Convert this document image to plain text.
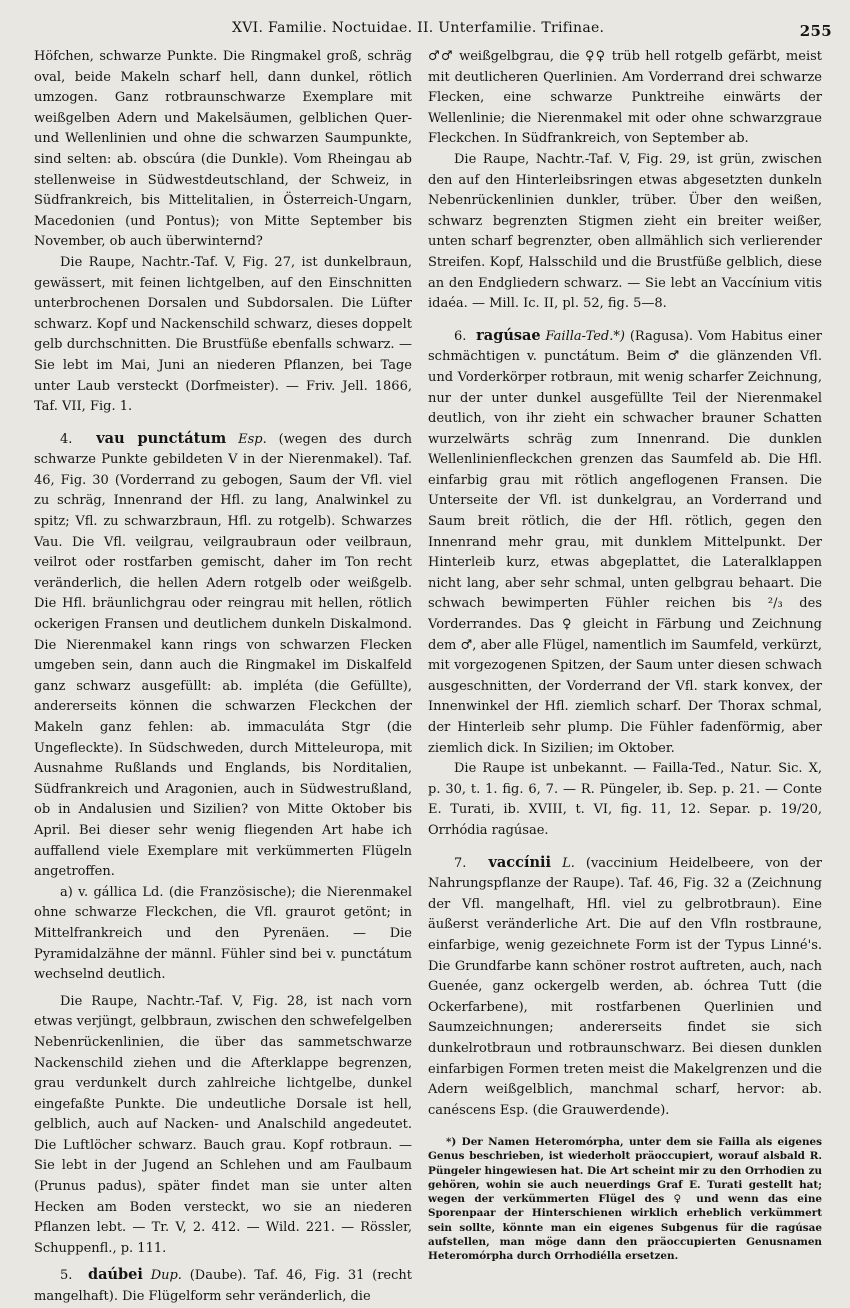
XVI. Familie. Noctuidae. II. Unterfamilie. Trifinae.	255

Höfchen, schwarze Punkte. Die Ringmakel groß, schräg oval, beide Makeln scharf hell, dann dunkel, rötlich umzogen. Ganz rotbraunschwarze Exemplare mit weißgelben Adern und Makelsäumen, gelblichen Quer- und Wellenlinien und ohne die schwarzen Saumpunkte, sind selten: ab. obscúra (die Dunkle). Vom Rheingau ab stellenweise in Südwestdeutschland, der Schweiz, in Südfrankreich, bis Mittelitalien, in Österreich-Ungarn, Macedonien (und Pontus); von Mitte September bis November, ob auch überwinternd?

Die Raupe, Nachtr.-Taf. V, Fig. 27, ist dunkelbraun, gewässert, mit feinen lichtgelben, auf den Einschnitten unterbrochenen Dorsalen und Subdorsalen. Die Lüfter schwarz. Kopf und Nackenschild schwarz, dieses doppelt gelb durchschnitten. Die Brustfüße ebenfalls schwarz. — Sie lebt im Mai, Juni an niederen Pflanzen, bei Tage unter Laub versteckt (Dorfmeister). — Friv. Jell. 1866, Taf. VII, Fig. 1.

4. vau punctátum Esp. (wegen des durch schwarze Punkte gebildeten V in der Nierenmakel). Taf. 46, Fig. 30 (Vorderrand zu gebogen, Saum der Vfl. viel zu schräg, Innenrand der Hfl. zu lang, Analwinkel zu spitz; Vfl. zu schwarzbraun, Hfl. zu rotgelb). Schwarzes Vau. Die Vfl. veilgrau, veilgraubraun oder veilbraun, veilrot oder rostfarben gemischt, daher im Ton recht veränderlich, die hellen Adern rotgelb oder weißgelb. Die Hfl. bräunlichgrau oder reingrau mit hellen, rötlich ockerigen Fransen und deutlichem dunkeln Diskalmond. Die Nierenmakel kann rings von schwarzen Flecken umgeben sein, dann auch die Ringmakel im Diskalfeld ganz schwarz ausgefüllt: ab. impléta (die Gefüllte), andererseits können die schwarzen Fleckchen der Makeln ganz fehlen: ab. immaculáta Stgr (die Ungefleckte). In Südschweden, durch Mitteleuropa, mit Ausnahme Rußlands und Englands, bis Norditalien, Südfrankreich und Aragonien, auch in Südwestrußland, ob in Andalusien und Sizilien? von Mitte Oktober bis April. Bei dieser sehr wenig fliegenden Art habe ich auffallend viele Exemplare mit verkümmerten Flügeln angetroffen.

a) v. gállica Ld. (die Französische); die Nierenmakel ohne schwarze Fleckchen, die Vfl. graurot getönt; in Mittelfrankreich und den Pyrenäen. — Die Pyramidalzähne der männl. Fühler sind bei v. punctátum wechselnd deutlich.

Die Raupe, Nachtr.-Taf. V, Fig. 28, ist nach vorn etwas verjüngt, gelbbraun, zwischen den schwefelgelben Nebenrückenlinien, die über das sammetschwarze Nackenschild ziehen und die Afterklappe begrenzen, grau verdunkelt durch zahlreiche lichtgelbe, dunkel eingefaßte Punkte. Die undeutliche Dorsale ist hell, gelblich, auch auf Nacken- und Analschild angedeutet. Die Luftlöcher schwarz. Bauch grau. Kopf rotbraun. — Sie lebt in der Jugend an Schlehen und am Faulbaum (Prunus padus), später findet man sie unter alten Hecken am Boden versteckt, wo sie an niederen Pflanzen lebt. — Tr. V, 2. 412. — Wild. 221. — Rössler, Schuppenfl., p. 111.

5. daúbei Dup. (Daube). Taf. 46, Fig. 31 (recht mangelhaft). Die Flügelform sehr veränderlich, die

♂♂ weißgelbgrau, die ♀♀ trüb hell rotgelb gefärbt, meist mit deutlicheren Querlinien. Am Vorderrand drei schwarze Flecken, eine schwarze Punktreihe einwärts der Wellenlinie; die Nierenmakel mit oder ohne schwarzgraue Fleckchen. In Südfrankreich, von September ab.

Die Raupe, Nachtr.-Taf. V, Fig. 29, ist grün, zwischen den auf den Hinterleibsringen etwas abgesetzten dunkeln Nebenrückenlinien dunkler, trüber. Über den weißen, schwarz begrenzten Stigmen zieht ein breiter weißer, unten scharf begrenzter, oben allmählich sich verlierender Streifen. Kopf, Halsschild und die Brustfüße gelblich, diese an den Endgliedern schwarz. — Sie lebt an Vaccínium vitis idaéa. — Mill. Ic. II, pl. 52, fig. 5—8.

6. ragúsae Failla-Ted.*) (Ragusa). Vom Habitus einer schmächtigen v. punctátum. Beim ♂ die glänzenden Vfl. und Vorderkörper rotbraun, mit wenig scharfer Zeichnung, nur der unter dunkel ausgefüllte Teil der Nierenmakel deutlich, von ihr zieht ein schwacher brauner Schatten wurzelwärts schräg zum Innenrand. Die dunklen Wellenlinienfleckchen grenzen das Saumfeld ab. Die Hfl. einfarbig grau mit rötlich angeflogenen Fransen. Die Unterseite der Vfl. ist dunkelgrau, an Vorderrand und Saum breit rötlich, die der Hfl. rötlich, gegen den Innenrand mehr grau, mit dunklem Mittelpunkt. Der Hinterleib kurz, etwas abgeplattet, die Lateralklappen nicht lang, aber sehr schmal, unten gelbgrau behaart. Die schwach bewimperten Fühler reichen bis ²/₃ des Vorderrandes. Das ♀ gleicht in Färbung und Zeichnung dem ♂, aber alle Flügel, namentlich im Saumfeld, verkürzt, mit vorgezogenen Spitzen, der Saum unter diesen schwach ausgeschnitten, der Vorderrand der Vfl. stark konvex, der Innenwinkel der Hfl. ziemlich scharf. Der Thorax schmal, der Hinterleib sehr plump. Die Fühler fadenförmig, aber ziemlich dick. In Sizilien; im Oktober.

Die Raupe ist unbekannt. — Failla-Ted., Natur. Sic. X, p. 30, t. 1. fig. 6, 7. — R. Püngeler, ib. Sep. p. 21. — Conte E. Turati, ib. XVIII, t. VI, fig. 11, 12. Separ. p. 19/20, Orrhódia ragúsae.

7. vaccínii L. (vaccinium Heidelbeere, von der Nahrungspflanze der Raupe). Taf. 46, Fig. 32 a (Zeichnung der Vfl. mangelhaft, Hfl. viel zu gelbrotbraun). Eine äußerst veränderliche Art. Die auf den Vfln rostbraune, einfarbige, wenig gezeichnete Form ist der Typus Linné's. Die Grundfarbe kann schöner rostrot auftreten, auch, nach Guenée, ganz ockergelb werden, ab. óchrea Tutt (die Ockerfarbene), mit rostfarbenen Querlinien und Saumzeichnungen; andererseits findet sie sich dunkelrotbraun und rotbraunschwarz. Bei diesen dunklen einfarbigen Formen treten meist die Makelgrenzen und die Adern weißgelblich, manchmal scharf, hervor: ab. canéscens Esp. (die Grauwerdende).

*) Der Namen Heteromórpha, unter dem sie Failla als eigenes Genus beschrieben, ist wiederholt präoccupiert, worauf alsbald R. Püngeler hingewiesen hat. Die Art scheint mir zu den Orrhodien zu gehören, wohin sie auch neuerdings Graf E. Turati gestellt hat; wegen der verkümmerten Flügel des ♀ und wenn das eine Sporenpaar der Hinterschienen wirklich erheblich verkümmert sein sollte, könnte man ein eigenes Subgenus für die ragúsae aufstellen, man möge dann den präoccupierten Genusnamen Heteromórpha durch Orrhodiélla ersetzen.
